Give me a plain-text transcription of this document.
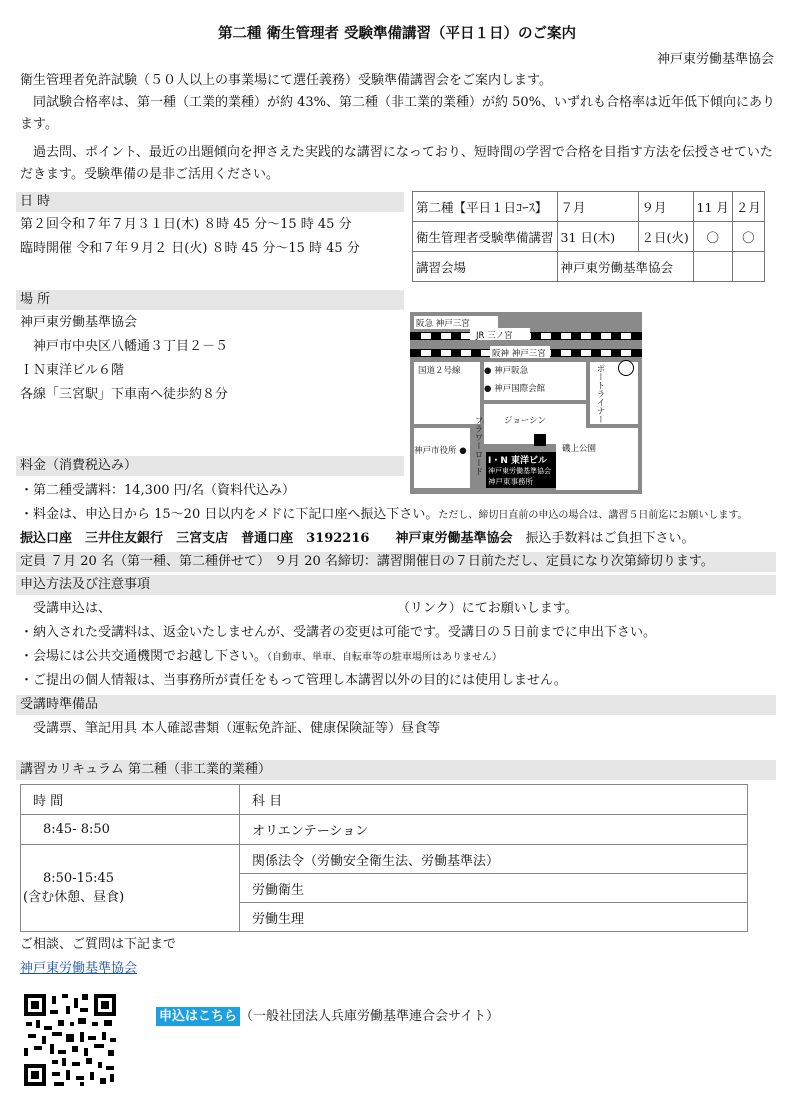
第二種 衛生管理者 受験準備講習（平日１日）のご案内
神戸東労働基準協会
衛生管理者免許試験（５０人以上の事業場にて選任義務）受験準備講習会をご案内します。
　同試験合格率は、第一種（工業的業種）が約 43%、第二種（非工業的業種）が約 50%、いずれも合格率は近年低下傾向にあります。
　過去問、ポイント、最近の出題傾向を押さえた実践的な講習になっており、短時間の学習で合格を目指す方法を伝授させていただきます。受験準備の是非ご活用ください。
日 時
第２回令和７年７月３１日(木) ８時 45 分～15 時 45 分
臨時開催 令和７年９月２ 日(火) ８時 45 分～15 時 45 分
第二種【平日１日ｺｰｽ】	７月	９月	11 月	２月
衛生管理者受験準備講習	31 日(木)	２日(火)	〇	〇
講習会場	神戸東労働基準協会			
場 所
神戸東労働基準協会
　神戸市中央区八幡通３丁目２－５
ＩＮ東洋ビル６階
各線「三宮駅」下車南へ徒歩約８分
阪急 神戸三宮
JR 三ノ宮
阪神 神戸三宮
国道２号線	● 神戸阪急
● 神戸国際会館	ポートライナー
ジョーシン
神戸市役所 ● フラワーロード I・N 東洋ビル
神戸東労働基準協会
神戸東事務所
磯上公園
料金（消費税込み）
・第二種受講料：14,300 円/名（資料代込み）
・料金は、申込日から 15～20 日以内をメドに下記口座へ振込下さい。ただし、締切日直前の申込の場合は、講習５日前迄にお願いします。
振込口座　 三井住友銀行　 三宮支店　 普通口座　 3192216　　 神戸東労働基準協会　 振込手数料はご負担下さい。
定員 ７月 20 名（第一種、第二種併せて） ９月 20 名締切：講習開催日の７日前ただし、定員になり次第締切ります。
申込方法及び注意事項
　受講申込は、	（リンク）にてお願いします。
・納入された受講料は、返金いたしませんが、受講者の変更は可能です。受講日の５日前までに申出下さい。
・会場には公共交通機関でお越し下さい。（自動車、単車、自転車等の駐車場所はありません）
・ご提出の個人情報は、当事務所が責任をもって管理し本講習以外の目的には使用しません。
受講時準備品
　受講票、筆記用具 本人確認書類（運転免許証、健康保険証等）昼食等
講習カリキュラム 第二種（非工業的業種）
時 間	科 目
8:45- 8:50	オリエンテーション

8:50-15:45
(含む休憩、昼食)	関係法令（労働安全衛生法、労働基準法）
	労働衛生
	労働生理
ご相談、ご質問は下記まで
神戸東労働基準協会
申込はこちら （一般社団法人兵庫労働基準連合会サイト）
